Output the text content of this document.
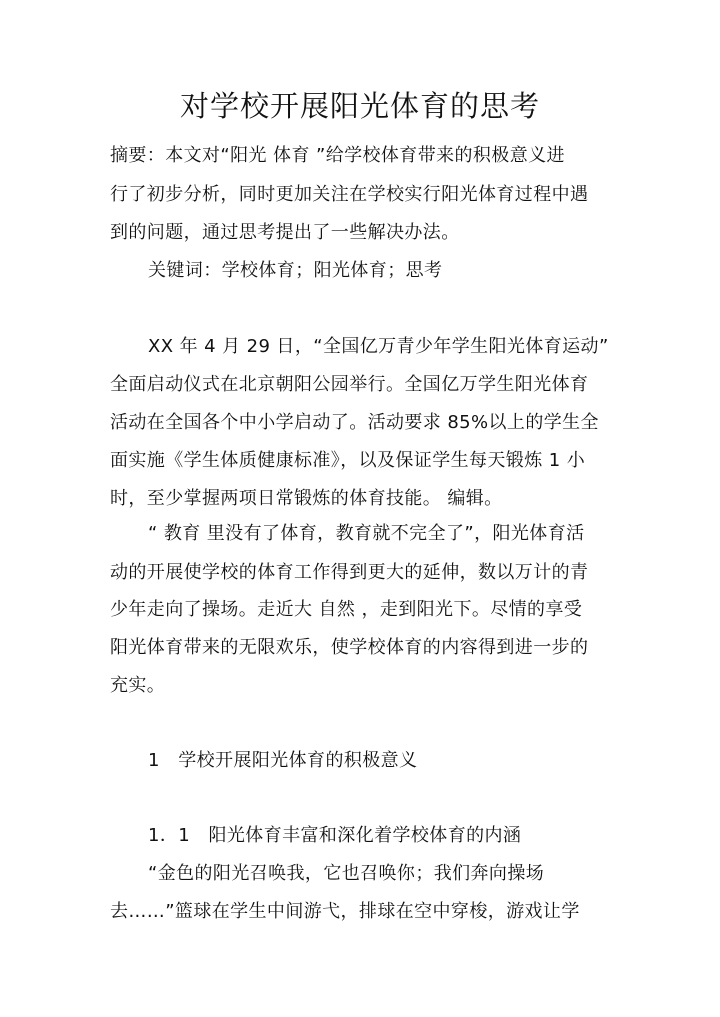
对学校开展阳光体育的思考
摘要：本文对“阳光 体育 ”给学校体育带来的积极意义进
行了初步分析，同时更加关注在学校实行阳光体育过程中遇
到的问题，通过思考提出了一些解决办法。
关键词：学校体育；阳光体育；思考
XX 年 4 月 29 日，“全国亿万青少年学生阳光体育运动”
全面启动仪式在北京朝阳公园举行。全国亿万学生阳光体育
活动在全国各个中小学启动了。活动要求 85%以上的学生全
面实施《学生体质健康标准》，以及保证学生每天锻炼 1 小
时，至少掌握两项日常锻炼的体育技能。 编辑。
“ 教育 里没有了体育，教育就不完全了”，阳光体育活
动的开展使学校的体育工作得到更大的延伸，数以万计的青
少年走向了操场。走近大 自然 ，走到阳光下。尽情的享受
阳光体育带来的无限欢乐，使学校体育的内容得到进一步的
充实。
1　学校开展阳光体育的积极意义
1．1　阳光体育丰富和深化着学校体育的内涵
“金色的阳光召唤我，它也召唤你；我们奔向操场
去……”篮球在学生中间游弋，排球在空中穿梭，游戏让学
